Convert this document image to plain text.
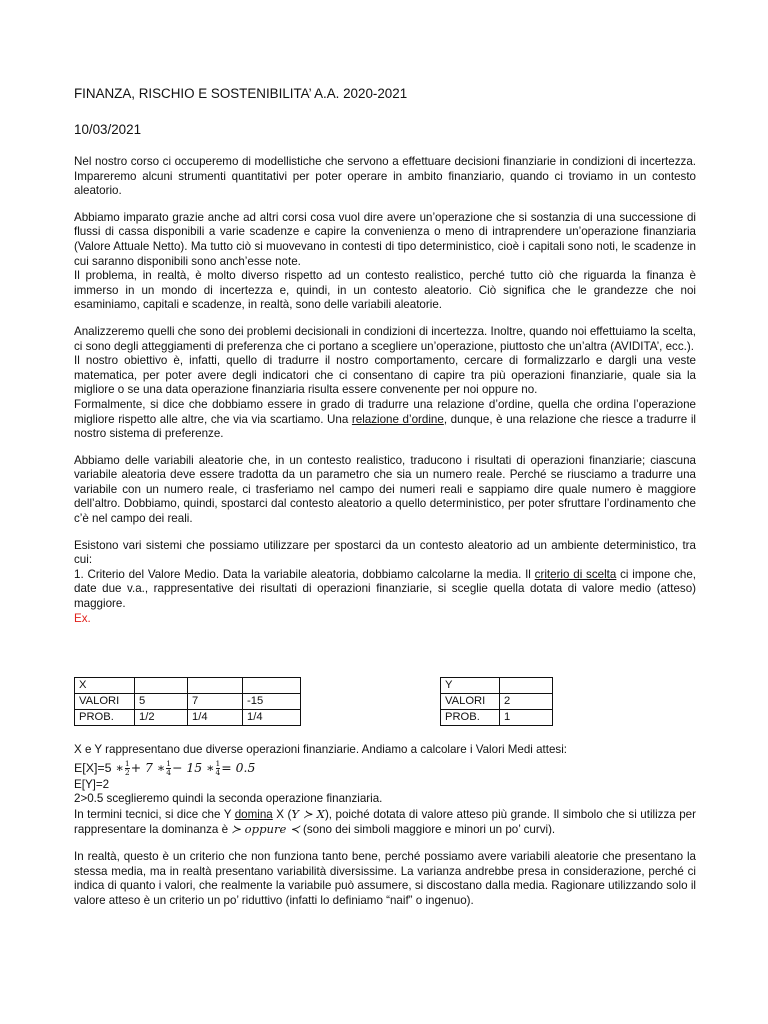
FINANZA, RISCHIO E SOSTENIBILITA’ A.A. 2020-2021
10/03/2021

Nel nostro corso ci occuperemo di modellistiche che servono a effettuare decisioni finanziarie in condizioni di incertezza. Impareremo alcuni strumenti quantitativi per poter operare in ambito finanziario, quando ci troviamo in un contesto aleatorio.

Abbiamo imparato grazie anche ad altri corsi cosa vuol dire avere un’operazione che si sostanzia di una successione di flussi di cassa disponibili a varie scadenze e capire la convenienza o meno di intraprendere un’operazione finanziaria (Valore Attuale Netto). Ma tutto ciò si muovevano in contesti di tipo deterministico, cioè i capitali sono noti, le scadenze in cui saranno disponibili sono anch’esse note.

Il problema, in realtà, è molto diverso rispetto ad un contesto realistico, perché tutto ciò che riguarda la finanza è immerso in un mondo di incertezza e, quindi, in un contesto aleatorio. Ciò significa che le grandezze che noi esaminiamo, capitali e scadenze, in realtà, sono delle variabili aleatorie.

Analizzeremo quelli che sono dei problemi decisionali in condizioni di incertezza. Inoltre, quando noi effettuiamo la scelta, ci sono degli atteggiamenti di preferenza che ci portano a scegliere un’operazione, piuttosto che un’altra (AVIDITA’, ecc.).

Il nostro obiettivo è, infatti, quello di tradurre il nostro comportamento, cercare di formalizzarlo e dargli una veste matematica, per poter avere degli indicatori che ci consentano di capire tra più operazioni finanziarie, quale sia la migliore o se una data operazione finanziaria risulta essere convenente per noi oppure no.

Formalmente, si dice che dobbiamo essere in grado di tradurre una relazione d’ordine, quella che ordina l’operazione migliore rispetto alle altre, che via via scartiamo. Una relazione d’ordine, dunque, è una relazione che riesce a tradurre il nostro sistema di preferenze.

Abbiamo delle variabili aleatorie che, in un contesto realistico, traducono i risultati di operazioni finanziarie; ciascuna variabile aleatoria deve essere tradotta da un parametro che sia un numero reale. Perché se riusciamo a tradurre una variabile con un numero reale, ci trasferiamo nel campo dei numeri reali e sappiamo dire quale numero è maggiore dell’altro. Dobbiamo, quindi, spostarci dal contesto aleatorio a quello deterministico, per poter sfruttare l’ordinamento che c’è nel campo dei reali.

Esistono vari sistemi che possiamo utilizzare per spostarci da un contesto aleatorio ad un ambiente deterministico, tra cui:

1. Criterio del Valore Medio. Data la variabile aleatoria, dobbiamo calcolarne la media. Il criterio di scelta ci impone che, date due v.a., rappresentative dei risultati di operazioni finanziarie, si sceglie quella dotata di valore medio (atteso) maggiore.

Ex.

X			
VALORI	5	7	-15
PROB.	1/2	1/4	1/4
Y	
VALORI	2
PROB.	1

X e Y rappresentano due diverse operazioni finanziarie. Andiamo a calcolare i Valori Medi attesi:

E[X]=5 ∗ $\frac{1}{2} + 7$ ∗ $\frac{1}{4} - 15$ ∗ $\frac{1}{4} = 0.5$

E[Y]=2

2>0.5 sceglieremo quindi la seconda operazione finanziaria.

In termini tecnici, si dice che Y domina X (Y ≻ X), poiché dotata di valore atteso più grande. Il simbolo che si utilizza per rappresentare la dominanza è ≻ oppure ≺ (sono dei simboli maggiore e minori un po’ curvi).

In realtà, questo è un criterio che non funziona tanto bene, perché possiamo avere variabili aleatorie che presentano la stessa media, ma in realtà presentano variabilità diversissime. La varianza andrebbe presa in considerazione, perché ci indica di quanto i valori, che realmente la variabile può assumere, si discostano dalla media. Ragionare utilizzando solo il valore atteso è un criterio un po’ riduttivo (infatti lo definiamo “naif” o ingenuo).
